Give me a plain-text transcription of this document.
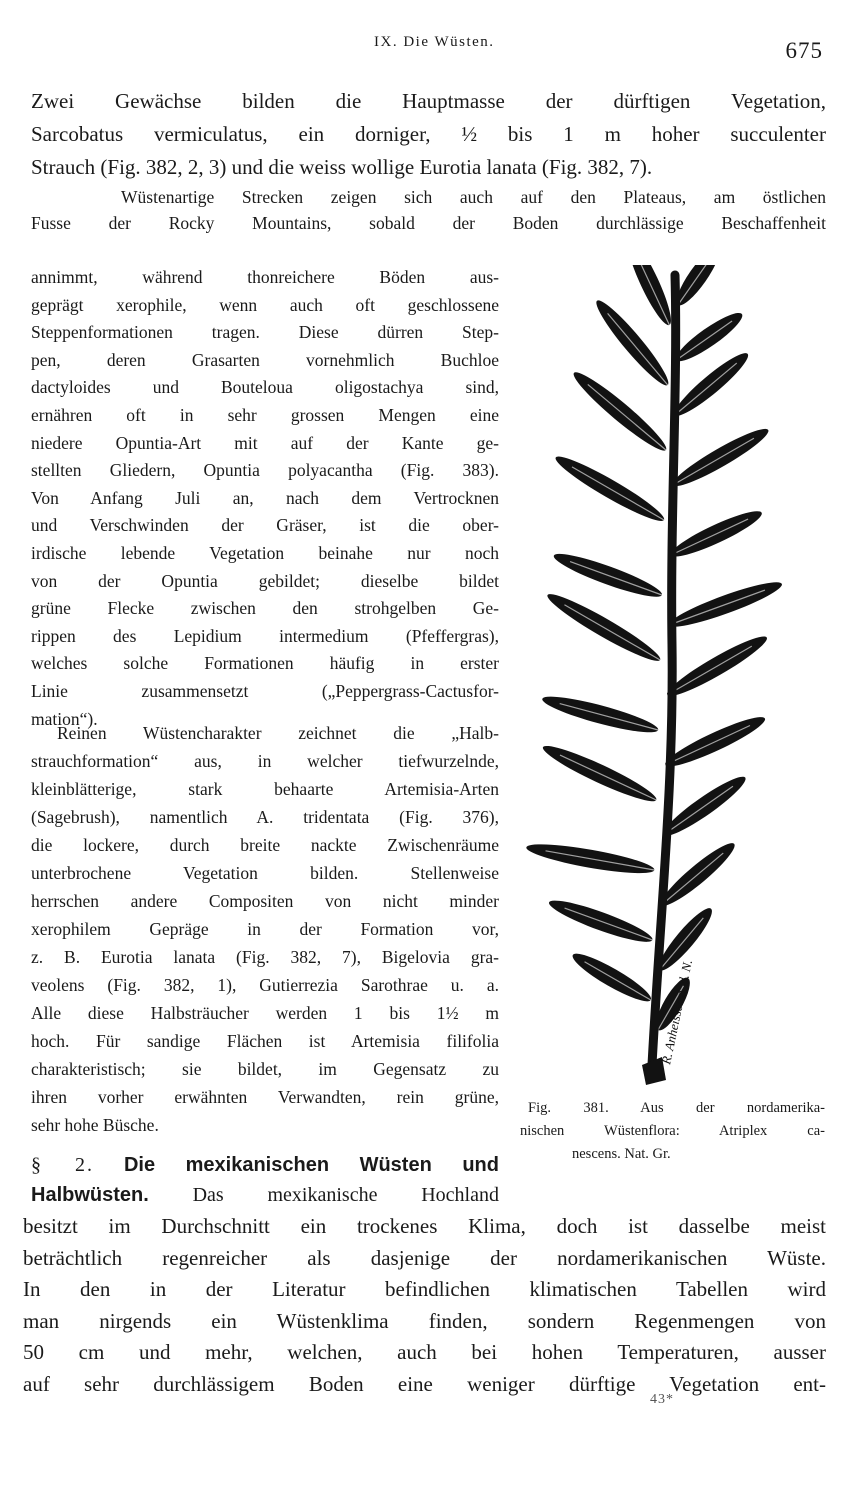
IX. Die Wüsten.	675

Zwei Gewächse bilden die Hauptmasse der dürftigen Vegetation,
Sarcobatus vermiculatus, ein dorniger, ½ bis 1 m hoher succulenter
Strauch (Fig. 382, 2, 3) und die weiss wollige Eurotia lanata (Fig. 382, 7).

Wüstenartige Strecken zeigen sich auch auf den Plateaus, am östlichen
Fusse der Rocky Mountains, sobald der Boden durchlässige Beschaffenheit

annimmt, während thonreichere Böden aus-
geprägt xerophile, wenn auch oft geschlossene
Steppenformationen tragen. Diese dürren Step-
pen, deren Grasarten vornehmlich Buchloe
dactyloides und Bouteloua oligostachya sind,
ernähren oft in sehr grossen Mengen eine
niedere Opuntia-Art mit auf der Kante ge-
stellten Gliedern, Opuntia polyacantha (Fig. 383).
Von Anfang Juli an, nach dem Vertrocknen
und Verschwinden der Gräser, ist die ober-
irdische lebende Vegetation beinahe nur noch
von der Opuntia gebildet; dieselbe bildet
grüne Flecke zwischen den strohgelben Ge-
rippen des Lepidium intermedium (Pfeffergras),
welches solche Formationen häufig in erster
Linie zusammensetzt („Peppergrass-Cactusfor-
mation“).

Reinen Wüstencharakter zeichnet die „Halb-
strauchformation“ aus, in welcher tiefwurzelnde,
kleinblätterige, stark behaarte Artemisia-Arten
(Sagebrush), namentlich A. tridentata (Fig. 376),
die lockere, durch breite nackte Zwischenräume
unterbrochene Vegetation bilden. Stellenweise
herrschen andere Compositen von nicht minder
xerophilem Gepräge in der Formation vor,
z. B. Eurotia lanata (Fig. 382, 7), Bigelovia gra-
veolens (Fig. 382, 1), Gutierrezia Sarothrae u. a.
Alle diese Halbsträucher werden 1 bis 1½ m
hoch. Für sandige Flächen ist Artemisia filifolia
charakteristisch; sie bildet, im Gegensatz zu
ihren vorher erwähnten Verwandten, rein grüne,
sehr hohe Büsche.

§ 2. Die mexikanischen Wüsten und
Halbwüsten. Das mexikanische Hochland

besitzt im Durchschnitt ein trockenes Klima, doch ist dasselbe meist
beträchtlich regenreicher als dasjenige der nordamerikanischen Wüste.
In den in der Literatur befindlichen klimatischen Tabellen wird
man nirgends ein Wüstenklima finden, sondern Regenmengen von
50 cm und mehr, welchen, auch bei hohen Temperaturen, ausser
auf sehr durchlässigem Boden eine weniger dürftige Vegetation ent-

43*
R. Anheisser n. d. N.

Fig. 381. Aus der nordamerika-
nischen Wüstenflora: Atriplex ca-
nescens. Nat. Gr.
